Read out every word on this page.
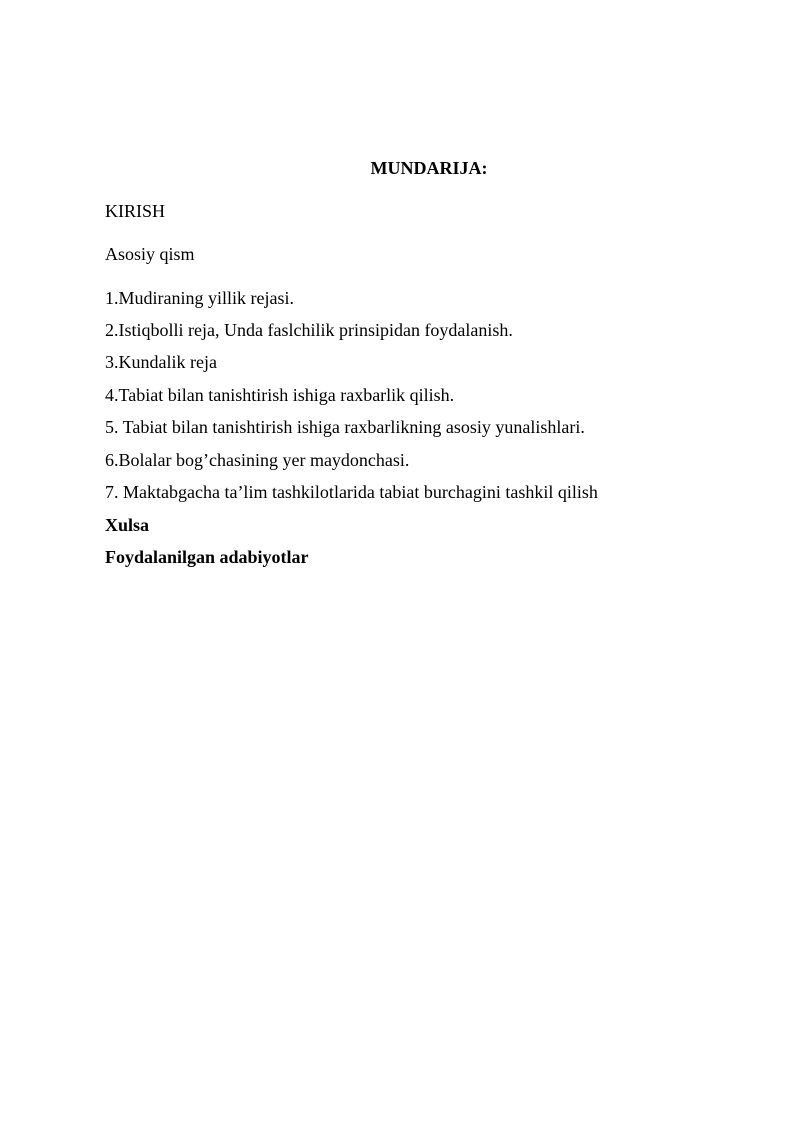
MUNDARIJA:
KIRISH
Asosiy qism
1.Mudiraning yillik rejasi.
2.Istiqbolli reja, Unda faslchilik prinsipidan foydalanish.
3.Kundalik reja
4.Tabiat bilan tanishtirish ishiga raxbarlik qilish.
5. Tabiat bilan tanishtirish ishiga raxbarlikning asosiy yunalishlari.
6.Bolalar bog’chasining yer maydonchasi.
7. Maktabgacha ta’lim tashkilotlarida tabiat burchagini tashkil qilish
Xulsa
Foydalanilgan adabiyotlar
